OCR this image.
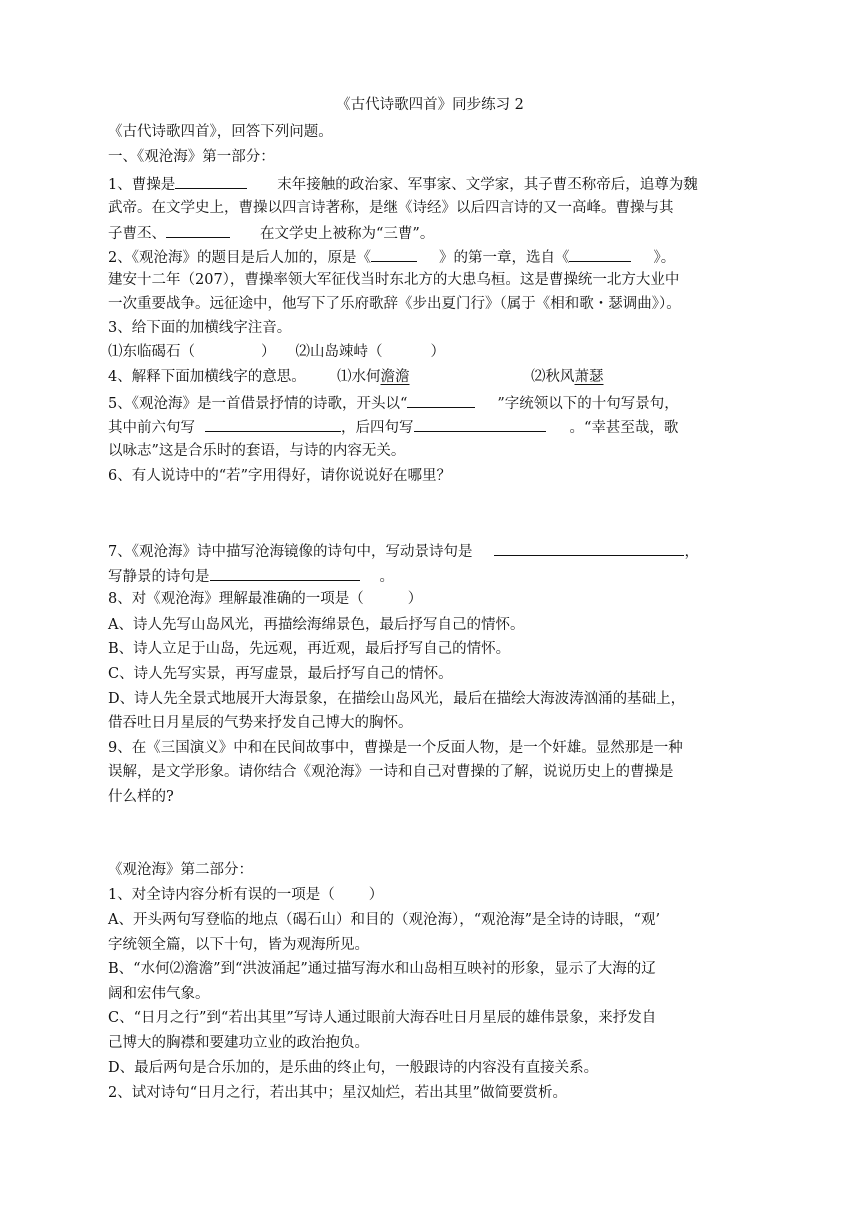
《古代诗歌四首》同步练习 2
《古代诗歌四首》，回答下列问题。
一、《观沧海》第一部分：
1、曹操是	末年接触的政治家、军事家、文学家，其子曹丕称帝后，追尊为魏
武帝。在文学史上，曹操以四言诗著称，是继《诗经》以后四言诗的又一高峰。曹操与其
子曹丕、	在文学史上被称为“三曹”。
2、《观沧海》的题目是后人加的，原是《	》的第一章，选自《	》。
建安十二年（207），曹操率领大军征伐当时东北方的大患乌桓。这是曹操统一北方大业中
一次重要战争。远征途中，他写下了乐府歌辞《步出夏门行》（属于《相和歌・瑟调曲》）。
3、给下面的加横线字注音。
⑴东临碣石（	） ⑵山岛竦峙（	）
4、解释下面加横线字的意思。 ⑴水何澹澹	⑵秋风萧瑟
5、《观沧海》是一首借景抒情的诗歌，开头以“	”字统领以下的十句写景句，
其中前六句写	，后四句写	。“幸甚至哉，歌
以咏志”这是合乐时的套语，与诗的内容无关。
6、有人说诗中的“若”字用得好，请你说说好在哪里？
7、《观沧海》诗中描写沧海镜像的诗句中，写动景诗句是	，
写静景的诗句是	。
8、对《观沧海》理解最准确的一项是（	）
A、诗人先写山岛风光，再描绘海绵景色，最后抒写自己的情怀。
B、诗人立足于山岛，先远观，再近观，最后抒写自己的情怀。
C、诗人先写实景，再写虚景，最后抒写自己的情怀。
D、诗人先全景式地展开大海景象，在描绘山岛风光，最后在描绘大海波涛汹涌的基础上，
借吞吐日月星辰的气势来抒发自己博大的胸怀。
9、在《三国演义》中和在民间故事中，曹操是一个反面人物，是一个奸雄。显然那是一种
误解，是文学形象。请你结合《观沧海》一诗和自己对曹操的了解，说说历史上的曹操是
什么样的?
《观沧海》第二部分：
1、对全诗内容分析有误的一项是（ ）
A、开头两句写登临的地点（碣石山）和目的（观沧海），“观沧海”是全诗的诗眼，“观’
字统领全篇，以下十句，皆为观海所见。
B、“水何⑵澹澹”到“洪波涌起”通过描写海水和山岛相互映衬的形象，显示了大海的辽
阔和宏伟气象。
C、“日月之行”到“若出其里”写诗人通过眼前大海吞吐日月星辰的雄伟景象，来抒发自
己博大的胸襟和要建功立业的政治抱负。
D、最后两句是合乐加的，是乐曲的终止句，一般跟诗的内容没有直接关系。
2、试对诗句“日月之行，若出其中；星汉灿烂，若出其里”做简要赏析。
